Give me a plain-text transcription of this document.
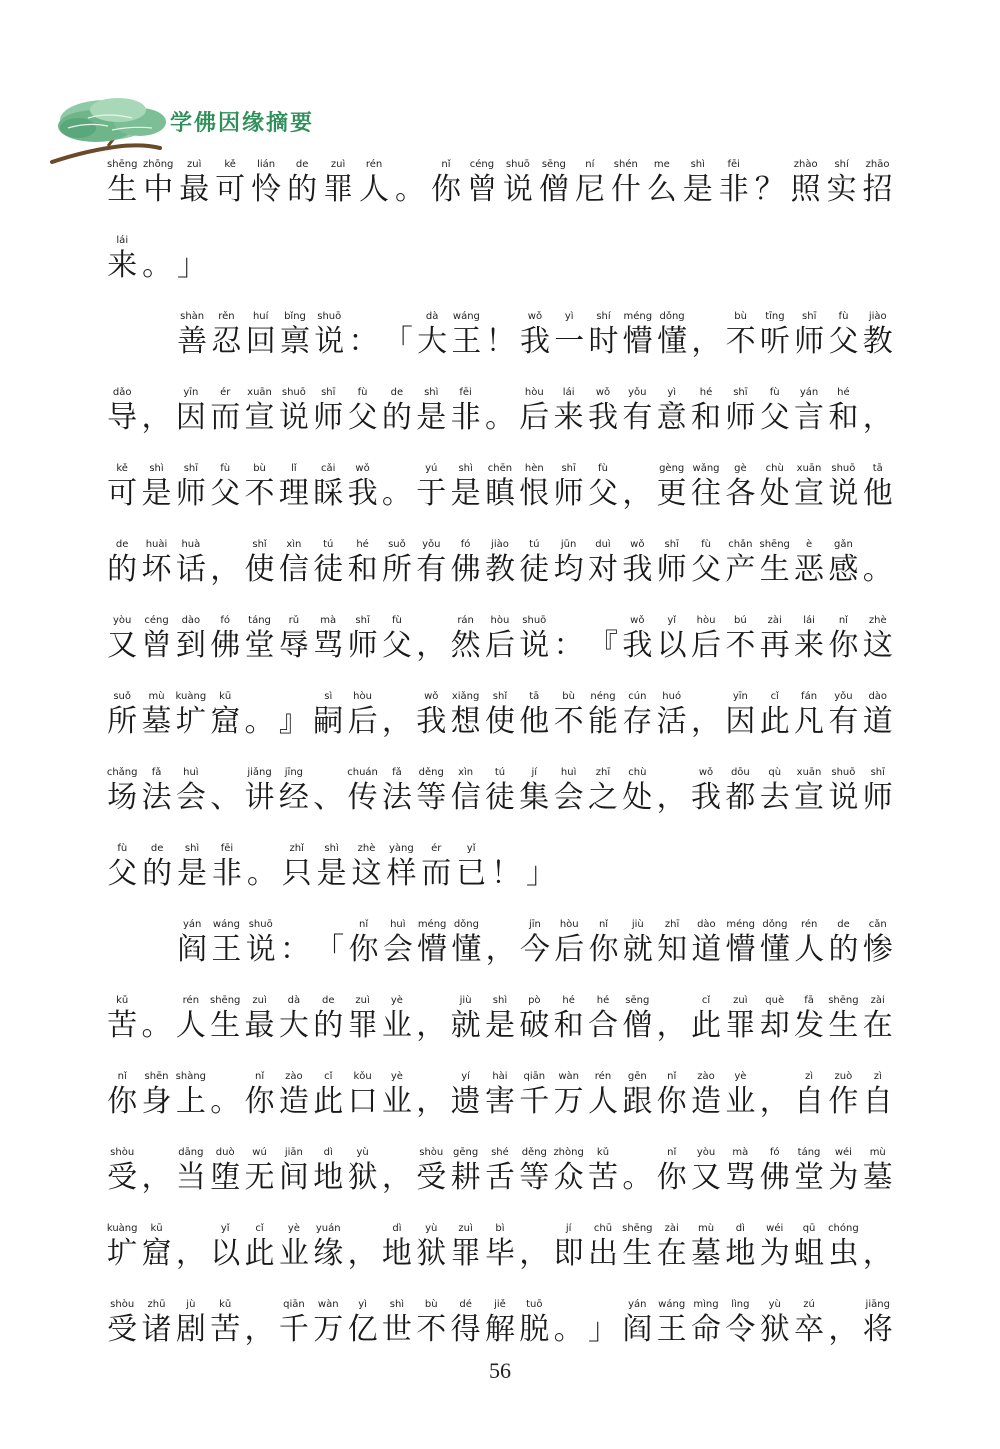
学佛因缘摘要
shēng
生
zhōng
中
zuì
最
kě
可
lián
怜
de
的
zuì
罪
rén
人 。
nǐ
你
céng
曾
shuō
说
sēng
僧
ní
尼
shén
什
me
么
shì
是
fēi
非 ？
zhào
照
shí
实
zhāo
招
lái
来 。 」
shàn
善
rěn
忍
huí
回
bǐng
禀
shuō
说 ： 「
dà
大
wáng
王 ！
wǒ
我
yì
一
shí
时
méng
懵
dǒng
懂 ，
bù
不
tīng
听
shī
师
fù
父
jiào
教
dǎo
导 ，
yīn
因
ér
而
xuān
宣
shuō
说
shī
师
fù
父
de
的
shì
是
fēi
非 。
hòu
后
lái
来
wǒ
我
yǒu
有
yì
意
hé
和
shī
师
fù
父
yán
言
hé
和 ，
kě
可
shì
是
shī
师
fù
父
bù
不
lǐ
理
cǎi
睬
wǒ
我 。
yú
于
shì
是
chēn
瞋
hèn
恨
shī
师
fù
父 ，
gèng
更
wǎng
往
gè
各
chù
处
xuān
宣
shuō
说
tā
他
de
的
huài
坏
huà
话 ，
shǐ
使
xìn
信
tú
徒
hé
和
suǒ
所
yǒu
有
fó
佛
jiào
教
tú
徒
jūn
均
duì
对
wǒ
我
shī
师
fù
父
chǎn
产
shēng
生
è
恶
gǎn
感 。
yòu
又
céng
曾
dào
到
fó
佛
táng
堂
rǔ
辱
mà
骂
shī
师
fù
父 ，
rán
然
hòu
后
shuō
说 ： 『
wǒ
我
yǐ
以
hòu
后
bú
不
zài
再
lái
来
nǐ
你
zhè
这
suǒ
所
mù
墓
kuàng
圹
kū
窟 。 』
sì
嗣
hòu
后 ，
wǒ
我
xiǎng
想
shǐ
使
tā
他
bù
不
néng
能
cún
存
huó
活 ，
yīn
因
cǐ
此
fán
凡
yǒu
有
dào
道
chǎng
场
fǎ
法
huì
会 、
jiǎng
讲
jīng
经 、
chuán
传
fǎ
法
děng
等
xìn
信
tú
徒
jí
集
huì
会
zhī
之
chù
处 ，
wǒ
我
dōu
都
qù
去
xuān
宣
shuō
说
shī
师
fù
父
de
的
shì
是
fēi
非 。
zhǐ
只
shì
是
zhè
这
yàng
样
ér
而
yǐ
已 ！ 」
yán
阎
wáng
王
shuō
说 ： 「
nǐ
你
huì
会
méng
懵
dǒng
懂 ，
jīn
今
hòu
后
nǐ
你
jiù
就
zhī
知
dào
道
méng
懵
dǒng
懂
rén
人
de
的
cǎn
惨
kǔ
苦 。
rén
人
shēng
生
zuì
最
dà
大
de
的
zuì
罪
yè
业 ，
jiù
就
shì
是
pò
破
hé
和
hé
合
sēng
僧 ，
cǐ
此
zuì
罪
què
却
fā
发
shēng
生
zài
在
nǐ
你
shēn
身
shàng
上 。
nǐ
你
zào
造
cǐ
此
kǒu
口
yè
业 ，
yí
遗
hài
害
qiān
千
wàn
万
rén
人
gēn
跟
nǐ
你
zào
造
yè
业 ，
zì
自
zuò
作
zì
自
shòu
受 ，
dāng
当
duò
堕
wú
无
jiān
间
dì
地
yù
狱 ，
shòu
受
gēng
耕
shé
舌
děng
等
zhòng
众
kǔ
苦 。
nǐ
你
yòu
又
mà
骂
fó
佛
táng
堂
wéi
为
mù
墓
kuàng
圹
kū
窟 ，
yǐ
以
cǐ
此
yè
业
yuán
缘 ，
dì
地
yù
狱
zuì
罪
bì
毕 ，
jí
即
chū
出
shēng
生
zài
在
mù
墓
dì
地
wéi
为
qū
蛆
chóng
虫 ，
shòu
受
zhū
诸
jù
剧
kǔ
苦 ，
qiān
千
wàn
万
yì
亿
shì
世
bù
不
dé
得
jiě
解
tuō
脱 。 」
yán
阎
wáng
王
mìng
命
lìng
令
yù
狱
zú
卒 ，
jiāng
将
56
